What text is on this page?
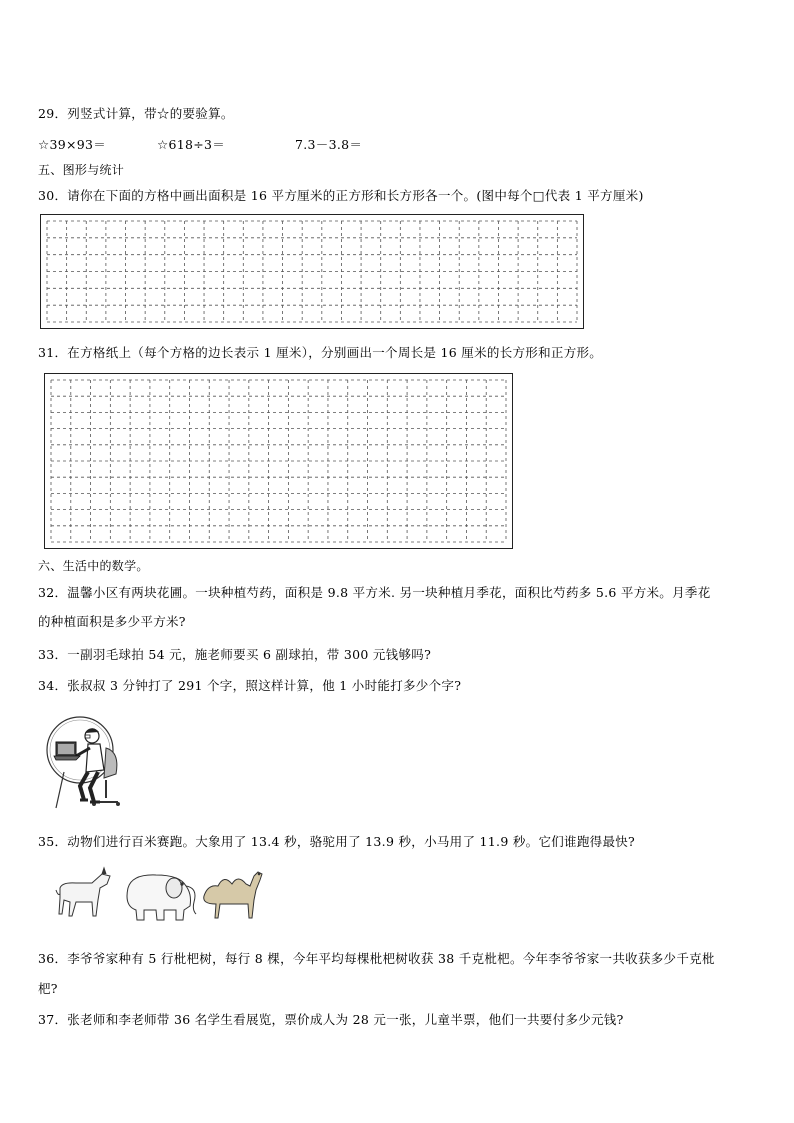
29．列竖式计算，带☆的要验算。
☆39×93＝	☆618÷3＝	7.3－3.8＝
五、图形与统计
30．请你在下面的方格中画出面积是 16 平方厘米的正方形和长方形各一个。(图中每个□代表 1 平方厘米)
31．在方格纸上（每个方格的边长表示 1 厘米），分别画出一个周长是 16 厘米的长方形和正方形。
六、生活中的数学。
32．温馨小区有两块花圃。一块种植芍药，面积是 9.8 平方米. 另一块种植月季花，面积比芍药多 5.6 平方米。月季花
的种植面积是多少平方米?
33．一副羽毛球拍 54 元，施老师要买 6 副球拍，带 300 元钱够吗?
34．张叔叔 3 分钟打了 291 个字，照这样计算，他 1 小时能打多少个字?
35．动物们进行百米赛跑。大象用了 13.4 秒，骆驼用了 13.9 秒，小马用了 11.9 秒。它们谁跑得最快?
36．李爷爷家种有 5 行枇杷树，每行 8 棵，今年平均每棵枇杷树收获 38 千克枇杷。今年李爷爷家一共收获多少千克枇
杷?
37．张老师和李老师带 36 名学生看展览，票价成人为 28 元一张，儿童半票，他们一共要付多少元钱?
